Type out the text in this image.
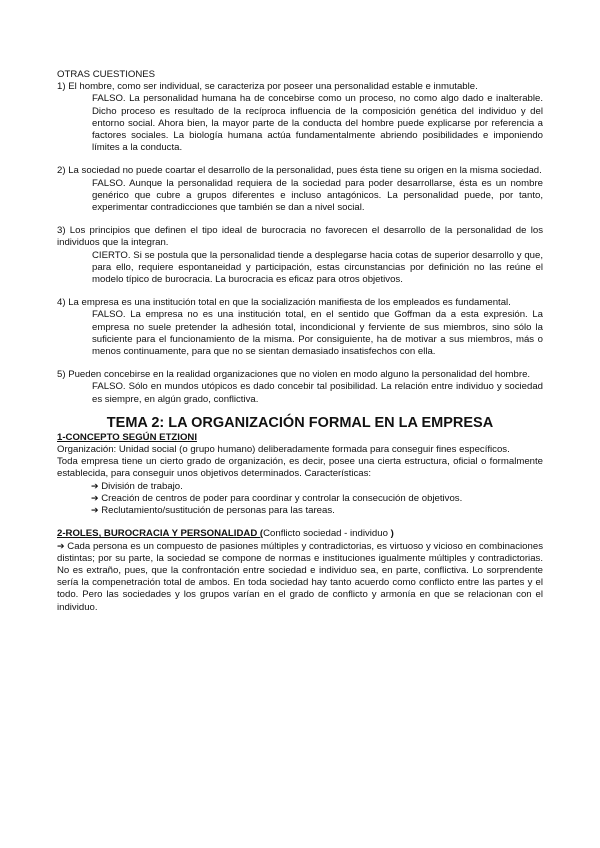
OTRAS CUESTIONES

1) El hombre, como ser individual, se caracteriza por poseer una personalidad estable e inmutable.

FALSO. La personalidad humana ha de concebirse como un proceso, no como algo dado e inalterable. Dicho proceso es resultado de la recíproca influencia de la composición genética del individuo y del entorno social. Ahora bien, la mayor parte de la conducta del hombre puede explicarse por referencia a factores sociales. La biología humana actúa fundamentalmente abriendo posibilidades e imponiendo límites a la conducta.

2) La sociedad no puede coartar el desarrollo de la personalidad, pues ésta tiene su origen en la misma sociedad.

FALSO. Aunque la personalidad requiera de la sociedad para poder desarrollarse, ésta es un nombre genérico que cubre a grupos diferentes e incluso antagónicos. La personalidad puede, por tanto, experimentar contradicciones que también se dan a nivel social.

3) Los principios que definen el tipo ideal de burocracia no favorecen el desarrollo de la personalidad de los individuos que la integran.

CIERTO. Si se postula que la personalidad tiende a desplegarse hacia cotas de superior desarrollo y que, para ello, requiere espontaneidad y participación, estas circunstancias por definición no las reúne el modelo típico de burocracia. La burocracia es eficaz para otros objetivos.

4) La empresa es una institución total en que la socialización manifiesta de los empleados es fundamental.

FALSO. La empresa no es una institución total, en el sentido que Goffman da a esta expresión. La empresa no suele pretender la adhesión total, incondicional y ferviente de sus miembros, sino sólo la suficiente para el funcionamiento de la misma. Por consiguiente, ha de motivar a sus miembros, más o menos continuamente, para que no se sientan demasiado insatisfechos con ella.

5) Pueden concebirse en la realidad organizaciones que no violen en modo alguno la personalidad del hombre.

FALSO. Sólo en mundos utópicos es dado concebir tal posibilidad. La relación entre individuo y sociedad es siempre, en algún grado, conflictiva.

TEMA 2: LA ORGANIZACIÓN FORMAL EN LA EMPRESA

1-CONCEPTO SEGÚN ETZIONI

Organización: Unidad social (o grupo humano) deliberadamente formada para conseguir fines específicos.

Toda empresa tiene un cierto grado de organización, es decir, posee una cierta estructura, oficial o formalmente establecida, para conseguir unos objetivos determinados. Características:

➔ División de trabajo.
➔ Creación de centros de poder para coordinar y controlar la consecución de objetivos.
➔ Reclutamiento/sustitución de personas para las tareas.

2-ROLES, BUROCRACIA Y PERSONALIDAD (Conflicto sociedad - individuo )

➔ Cada persona es un compuesto de pasiones múltiples y contradictorias, es virtuoso y vicioso en combinaciones distintas; por su parte, la sociedad se compone de normas e instituciones igualmente múltiples y contradictorias. No es extraño, pues, que la confrontación entre sociedad e individuo sea, en parte, conflictiva. Lo sorprendente sería la compenetración total de ambos. En toda sociedad hay tanto acuerdo como conflicto entre las partes y el todo. Pero las sociedades y los grupos varían en el grado de conflicto y armonía en que se relacionan con el individuo.
